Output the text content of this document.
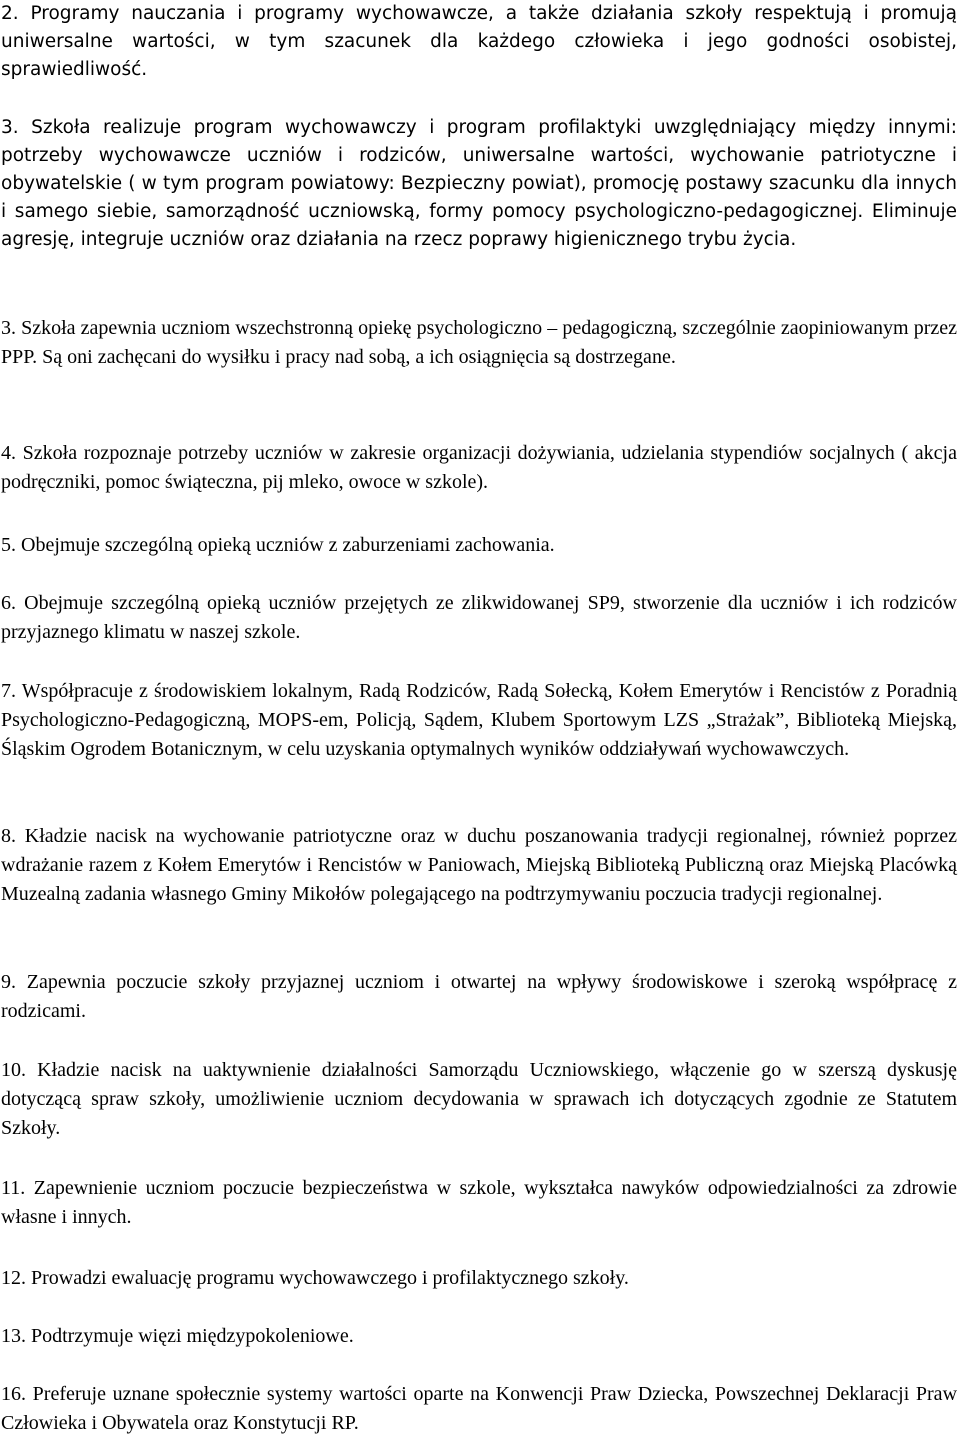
2. Programy nauczania i programy wychowawcze, a także działania szkoły respektują i promują uniwersalne wartości, w tym szacunek dla każdego człowieka i jego godności osobistej, sprawiedliwość.

3. Szkoła realizuje program wychowawczy i program profilaktyki uwzględniający między innymi: potrzeby wychowawcze uczniów i rodziców, uniwersalne wartości, wychowanie patriotyczne i obywatelskie ( w tym program powiatowy: Bezpieczny powiat), promocję postawy szacunku dla innych i samego siebie, samorządność uczniowską, formy pomocy psychologiczno-pedagogicznej. Eliminuje agresję, integruje uczniów oraz działania na rzecz poprawy higienicznego trybu życia.

3. Szkoła zapewnia uczniom wszechstronną opiekę psychologiczno – pedagogiczną, szczególnie zaopiniowanym przez PPP. Są oni zachęcani do wysiłku i pracy nad sobą, a ich osiągnięcia są dostrzegane.

4. Szkoła rozpoznaje potrzeby uczniów w zakresie organizacji dożywiania, udzielania stypendiów socjalnych ( akcja podręczniki, pomoc świąteczna, pij mleko, owoce w szkole).

5. Obejmuje szczególną opieką uczniów z zaburzeniami zachowania.

6. Obejmuje szczególną opieką uczniów przejętych ze zlikwidowanej SP9, stworzenie dla uczniów i ich rodziców przyjaznego klimatu w naszej szkole.

7. Współpracuje z środowiskiem lokalnym, Radą Rodziców, Radą Sołecką, Kołem Emerytów i Rencistów z Poradnią Psychologiczno-Pedagogiczną, MOPS-em, Policją, Sądem, Klubem Sportowym LZS „Strażak”, Biblioteką Miejską, Śląskim Ogrodem Botanicznym, w celu uzyskania optymalnych wyników oddziaływań wychowawczych.

8. Kładzie nacisk na wychowanie patriotyczne oraz w duchu poszanowania tradycji regionalnej, również poprzez wdrażanie razem z Kołem Emerytów i Rencistów w Paniowach, Miejską Biblioteką Publiczną oraz Miejską Placówką Muzealną zadania własnego Gminy Mikołów polegającego na podtrzymywaniu poczucia tradycji regionalnej.

9. Zapewnia poczucie szkoły przyjaznej uczniom i otwartej na wpływy środowiskowe i szeroką współpracę z rodzicami.

10. Kładzie nacisk na uaktywnienie działalności Samorządu Uczniowskiego, włączenie go w szerszą dyskusję dotyczącą spraw szkoły, umożliwienie uczniom decydowania w sprawach ich dotyczących zgodnie ze Statutem Szkoły.

11. Zapewnienie uczniom poczucie bezpieczeństwa w szkole, wykształca nawyków odpowiedzialności za zdrowie własne i innych.

12. Prowadzi ewaluację programu wychowawczego i profilaktycznego szkoły.

13. Podtrzymuje więzi międzypokoleniowe.

16. Preferuje uznane społecznie systemy wartości oparte na Konwencji Praw Dziecka, Powszechnej Deklaracji Praw Człowieka i Obywatela oraz Konstytucji RP.
